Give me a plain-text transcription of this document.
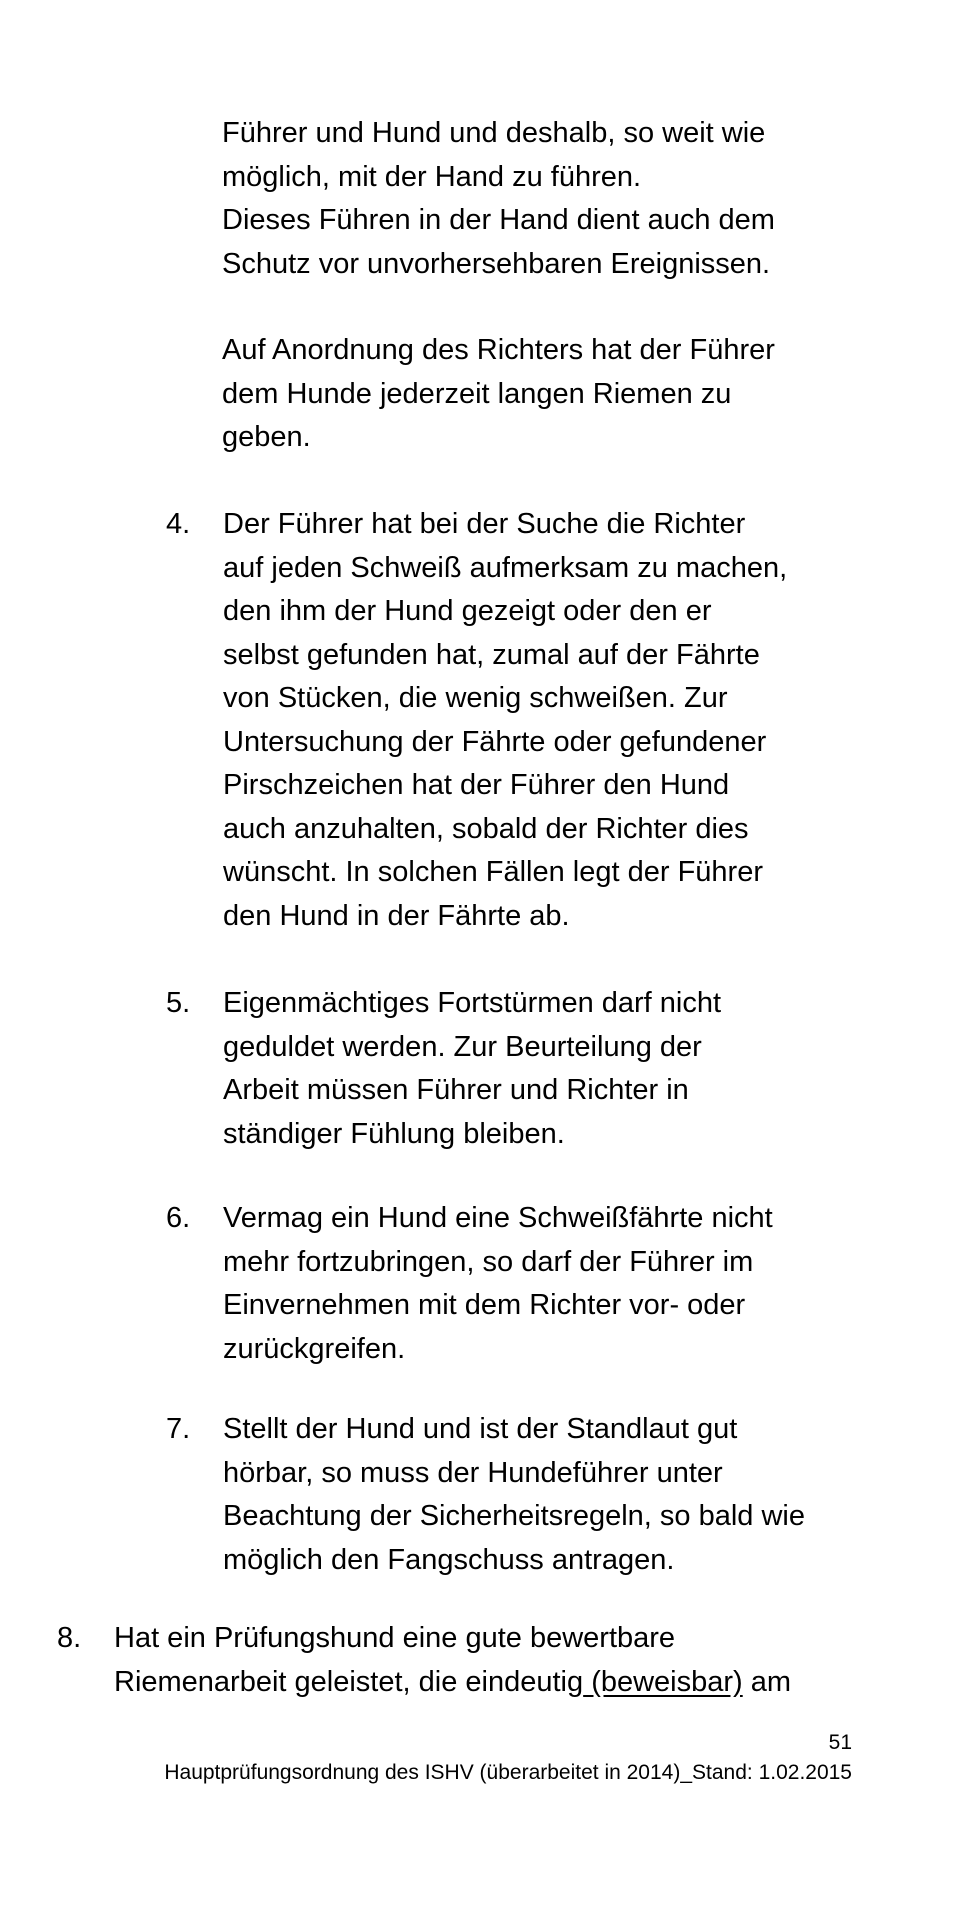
Führer und Hund und deshalb, so weit wie
möglich, mit der Hand zu führen.
Dieses Führen in der Hand dient auch dem
Schutz vor unvorhersehbaren Ereignissen.

Auf Anordnung des Richters hat der Führer
dem Hunde jederzeit langen Riemen zu
geben.

4. Der Führer hat bei der Suche die Richter
auf jeden Schweiß aufmerksam zu machen,
den ihm der Hund gezeigt oder den er
selbst gefunden hat, zumal auf der Fährte
von Stücken, die wenig schweißen. Zur
Untersuchung der Fährte oder gefundener
Pirschzeichen hat der Führer den Hund
auch anzuhalten, sobald der Richter dies
wünscht. In solchen Fällen legt der Führer
den Hund in der Fährte ab.

5. Eigenmächtiges Fortstürmen darf nicht
geduldet werden. Zur Beurteilung der
Arbeit müssen Führer und Richter in
ständiger Fühlung bleiben.

6. Vermag ein Hund eine Schweißfährte nicht
mehr fortzubringen, so darf der Führer im
Einvernehmen mit dem Richter vor- oder
zurückgreifen.

7. Stellt der Hund und ist der Standlaut gut
hörbar, so muss der Hundeführer unter
Beachtung der Sicherheitsregeln, so bald wie
möglich den Fangschuss antragen.

8. Hat ein Prüfungshund eine gute bewertbare
Riemenarbeit geleistet, die eindeutig (beweisbar) am

51
Hauptprüfungsordnung des ISHV (überarbeitet in 2014)_Stand: 1.02.2015
